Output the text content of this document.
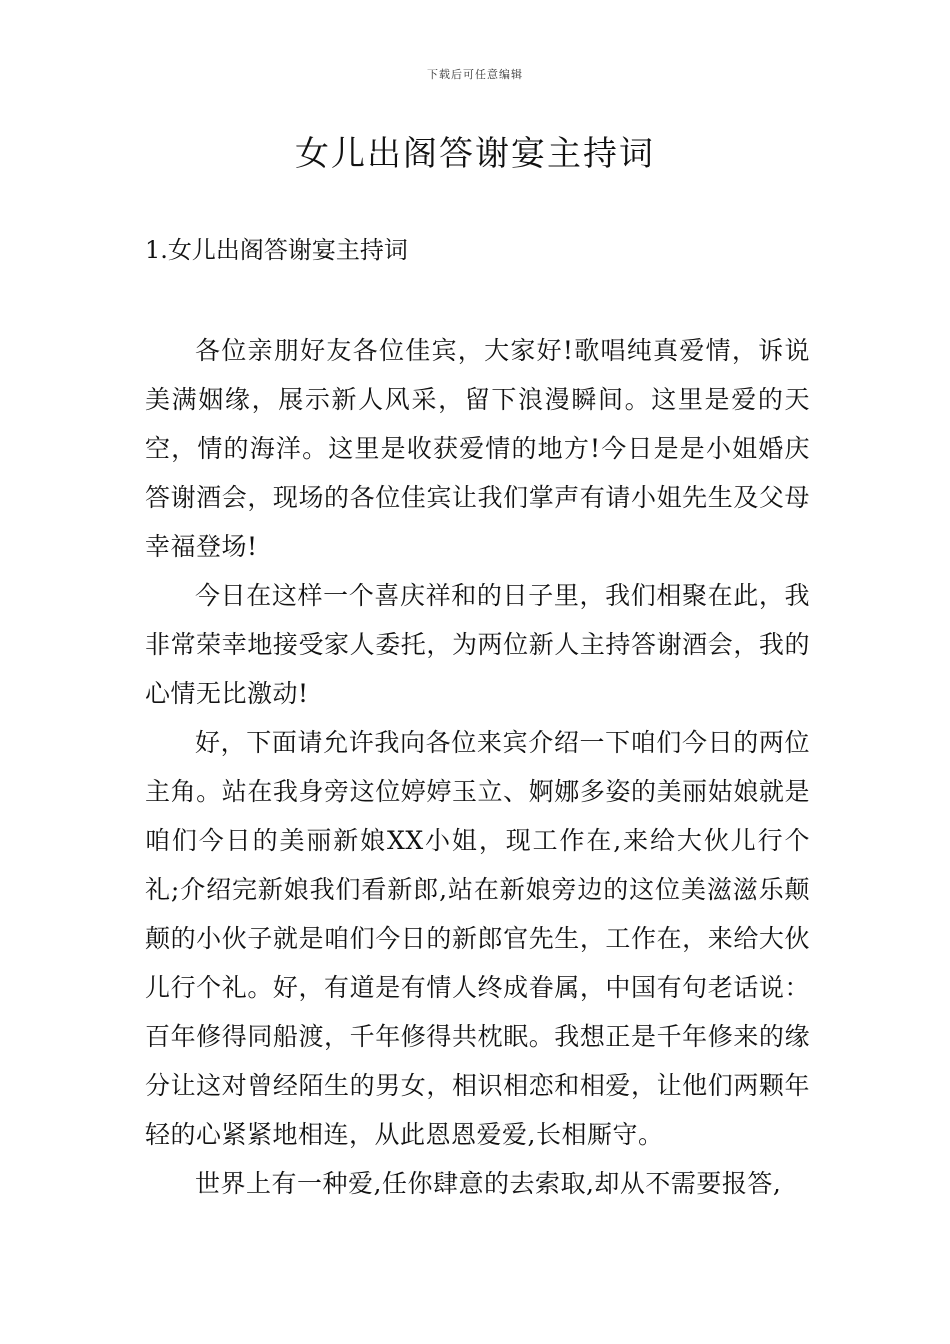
下载后可任意编辑
女儿出阁答谢宴主持词
1.女儿出阁答谢宴主持词

各位亲朋好友各位佳宾，大家好!歌唱纯真爱情，诉说美满姻缘，展示新人风采，留下浪漫瞬间。这里是爱的天空，情的海洋。这里是收获爱情的地方!今日是是小姐婚庆答谢酒会，现场的各位佳宾让我们掌声有请小姐先生及父母幸福登场!

今日在这样一个喜庆祥和的日子里，我们相聚在此，我非常荣幸地接受家人委托，为两位新人主持答谢酒会，我的心情无比激动!

好，下面请允许我向各位来宾介绍一下咱们今日的两位主角。站在我身旁这位婷婷玉立、婀娜多姿的美丽姑娘就是咱们今日的美丽新娘XX小姐，现工作在,来给大伙儿行个礼;介绍完新娘我们看新郎,站在新娘旁边的这位美滋滋乐颠颠的小伙子就是咱们今日的新郎官先生，工作在，来给大伙儿行个礼。好，有道是有情人终成眷属，中国有句老话说：百年修得同船渡，千年修得共枕眠。我想正是千年修来的缘分让这对曾经陌生的男女，相识相恋和相爱，让他们两颗年轻的心紧紧地相连，从此恩恩爱爱,长相厮守。

世界上有一种爱,任你肆意的去索取,却从不需要报答,
